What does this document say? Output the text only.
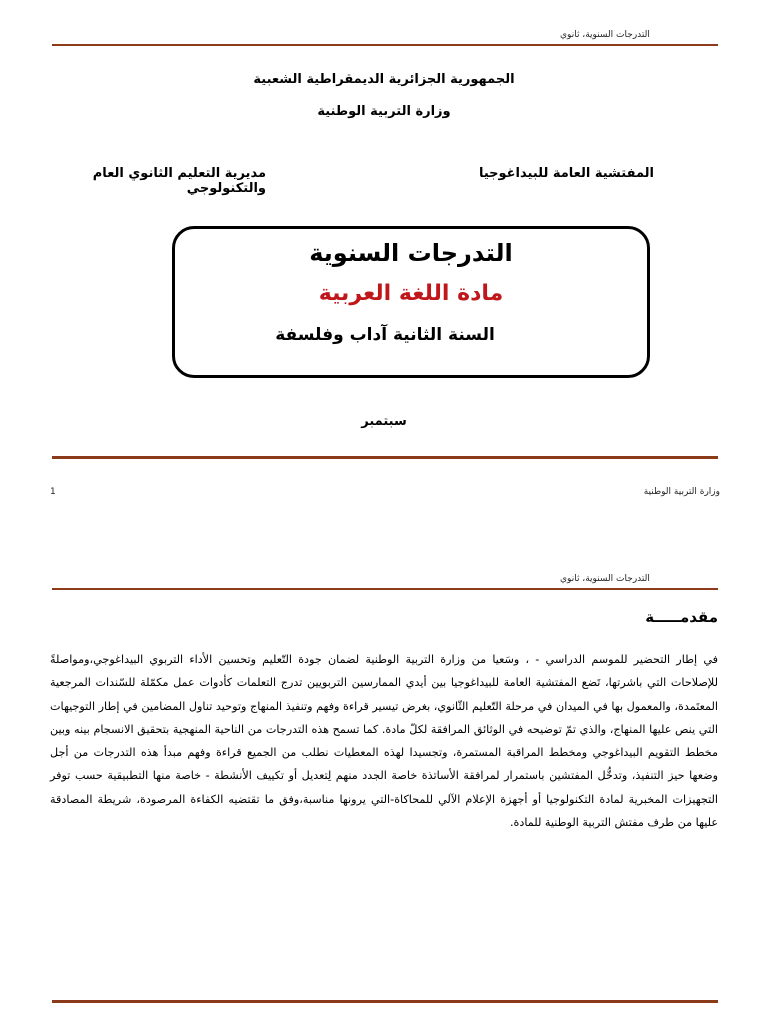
التدرجات السنوية، ثانوي
الجمهورية الجزائرية الديمقراطية الشعبية
وزارة التربية الوطنية
المفتشية العامة للبيداغوجيا
مديرية التعليم الثانوي العام والتكنولوجي
التدرجات السنوية
مادة اللغة العربية
السنة الثانية آداب وفلسفة
سبتمبر
وزارة التربية الوطنية
1
التدرجات السنوية، ثانوي
مقدمـــــة

في إطار التحضير للموسم الدراسي - ، وسَعيا من وزارة التربية الوطنية لضمان جودة التّعليم وتحسين الأداء التربوي البيداغوجي،ومواصلةً للإصلاحات التي باشرتها، تَضع المفتشية العامة للبيداغوجيا بين أيدي الممارسين التربويين تدرج التعلمات كأدوات عمل مكمّلة للسّندات المرجعية المعتَمدة، والمعمول بها في الميدان في مرحلة التّعليم الثّانوي، بغرض تيسير قراءة وفهم وتنفيذ المنهاج وتوحيد تناول المضامين في إطار التوجيهات التي ينص عليها المنهاج، والذي تمّ توضيحه في الوثائق المرافقة لكلّ مادة. كما تسمح هذه التدرجات من الناحية المنهجية بتحقيق الانسجام بينه وبين مخطط التقويم البيداغوجي ومخطط المراقبة المستمرة، وتجسيدا لهذه المعطيات نطلب من الجميع قراءة وفهم مبدأ هذه التدرجات من أجل وضعها حيز التنفيذ، وتدخُّل المفتشين باستمرار لمرافقة الأساتذة خاصة الجدد منهم لِتعديل أو تكييف الأنشطة - خاصة منها التطبيقية حسب توفر التجهيزات المخبرية لمادة التكنولوجيا أو أجهزة الإعلام الآلي للمحاكاة-التي يرونها مناسبة،وفق ما تقتضيه الكفاءة المرصودة، شريطة المصادقة عليها من طرف مفتش التربية الوطنية للمادة.
